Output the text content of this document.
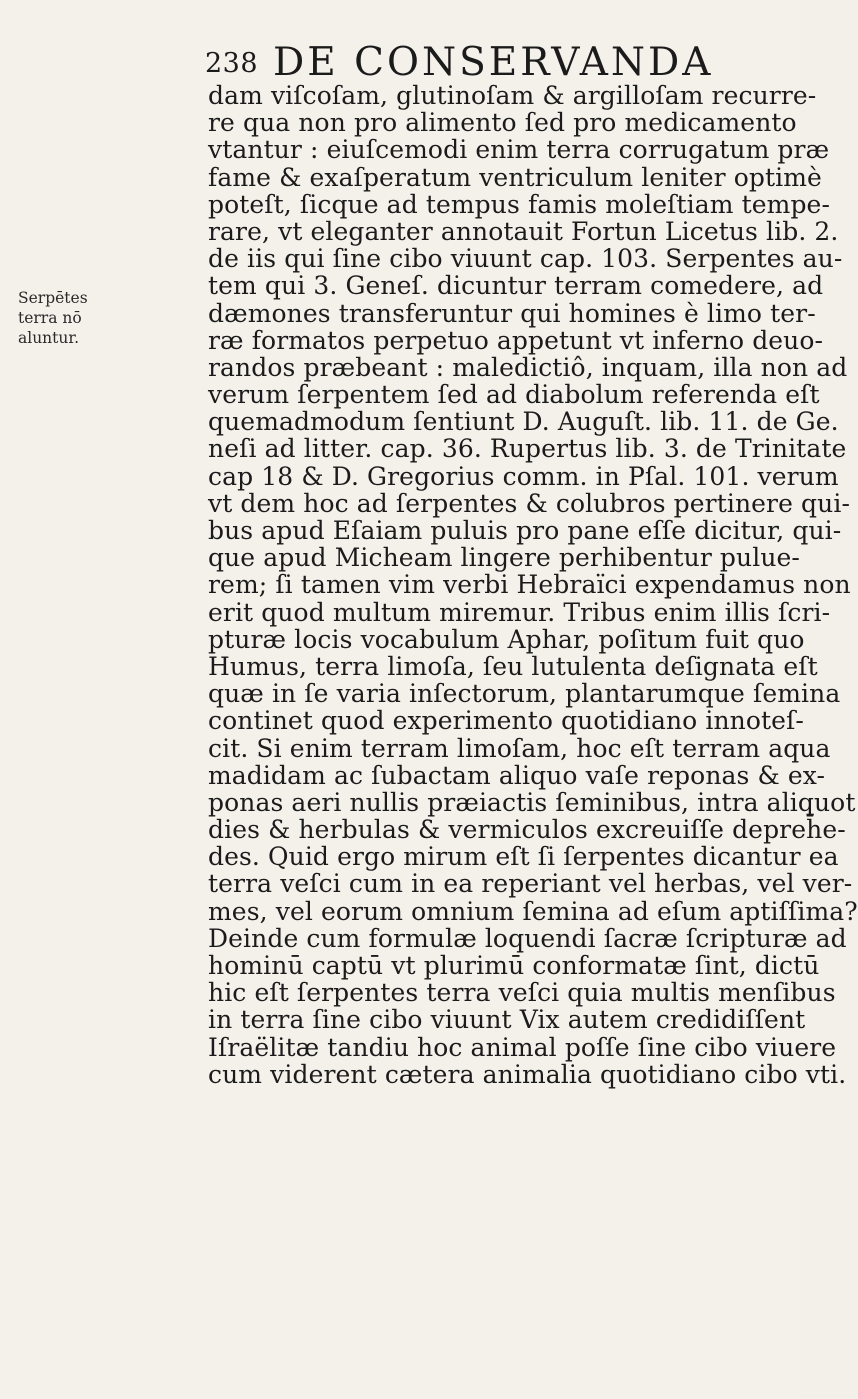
238 DE CONSERVANDA
Serpētes
terra nō
aluntur.
dam viſcoſam, glutinoſam & argilloſam recurre-
re qua non pro alimento ſed pro medicamento
vtantur : eiuſcemodi enim terra corrugatum præ
fame & exaſperatum ventriculum leniter optimè
poteſt, ſicque ad tempus famis moleſtiam tempe-
rare, vt eleganter annotauit Fortun Licetus lib. 2.
de iis qui ſine cibo viuunt cap. 103. Serpentes au-
tem qui 3. Geneſ. dicuntur terram comedere, ad
dæmones transferuntur qui homines è limo ter-
ræ formatos perpetuo appetunt vt inferno deuo-
randos præbeant : maledictiô, inquam, illa non ad
verum ſerpentem ſed ad diabolum referenda eſt
quemadmodum ſentiunt D. Auguſt. lib. 11. de Ge.
neſi ad litter. cap. 36. Rupertus lib. 3. de Trinitate
cap 18 & D. Gregorius comm. in Pſal. 101. verum
vt dem hoc ad ſerpentes & colubros pertinere qui-
bus apud Eſaiam puluis pro pane eſſe dicitur, qui-
que apud Micheam lingere perhibentur pulue-
rem; ſi tamen vim verbi Hebraïci expendamus non
erit quod multum miremur. Tribus enim illis ſcri-
pturæ locis vocabulum Aphar, poſitum fuit quo
Humus, terra limoſa, ſeu lutulenta deſignata eſt
quæ in ſe varia inſectorum, plantarumque ſemina
continet quod experimento quotidiano innoteſ-
cit. Si enim terram limoſam, hoc eſt terram aqua
madidam ac ſubactam aliquo vaſe reponas & ex-
ponas aeri nullis præiactis ſeminibus, intra aliquot
dies & herbulas & vermiculos excreuiſſe depreh̄e-
des. Quid ergo mirum eſt ſi ſerpentes dicantur ea
terra veſci cum in ea reperiant vel herbas, vel ver-
mes, vel eorum omnium ſemina ad eſum aptiſſima?
Deinde cum formulæ loquendi ſacræ ſcripturæ ad
hominū captū vt plurimū conformatæ ſint, dictū
hic eſt ſerpentes terra veſci quia multis menſibus
in terra ſine cibo viuunt Vix autem credidiſſent
Iſraëlitæ tandiu hoc animal poſſe ſine cibo viuere
cum viderent cætera animalia quotidiano cibo vti.
